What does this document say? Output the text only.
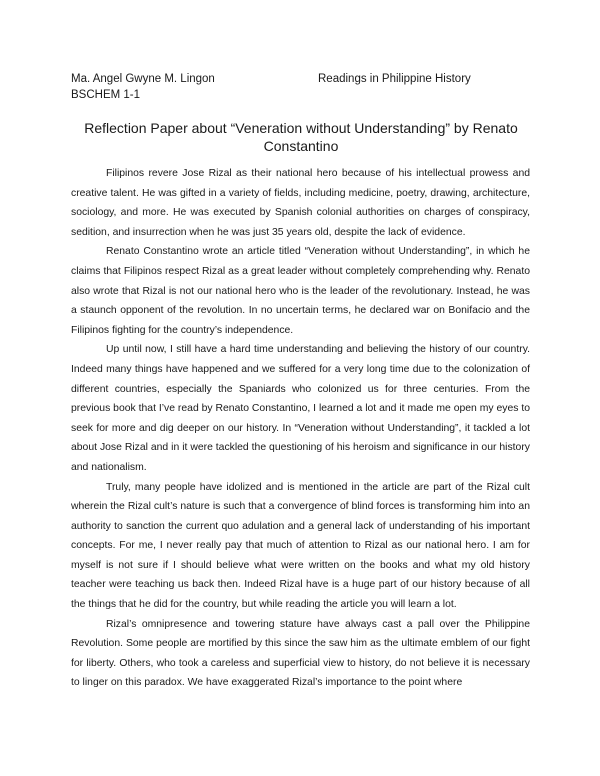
Ma. Angel Gwyne M. Lingon	Readings in Philippine History
BSCHEM 1-1
Reflection Paper about “Veneration without Understanding” by Renato Constantino

Filipinos revere Jose Rizal as their national hero because of his intellectual prowess and creative talent. He was gifted in a variety of fields, including medicine, poetry, drawing, architecture, sociology, and more. He was executed by Spanish colonial authorities on charges of conspiracy, sedition, and insurrection when he was just 35 years old, despite the lack of evidence.

Renato Constantino wrote an article titled “Veneration without Understanding”, in which he claims that Filipinos respect Rizal as a great leader without completely comprehending why. Renato also wrote that Rizal is not our national hero who is the leader of the revolutionary. Instead, he was a staunch opponent of the revolution. In no uncertain terms, he declared war on Bonifacio and the Filipinos fighting for the country’s independence.

Up until now, I still have a hard time understanding and believing the history of our country. Indeed many things have happened and we suffered for a very long time due to the colonization of different countries, especially the Spaniards who colonized us for three centuries. From the previous book that I’ve read by Renato Constantino, I learned a lot and it made me open my eyes to seek for more and dig deeper on our history. In “Veneration without Understanding”, it tackled a lot about Jose Rizal and in it were tackled the questioning of his heroism and significance in our history and nationalism.

Truly, many people have idolized and is mentioned in the article are part of the Rizal cult wherein the Rizal cult’s nature is such that a convergence of blind forces is transforming him into an authority to sanction the current quo adulation and a general lack of understanding of his important concepts. For me, I never really pay that much of attention to Rizal as our national hero. I am for myself is not sure if I should believe what were written on the books and what my old history teacher were teaching us back then. Indeed Rizal have is a huge part of our history because of all the things that he did for the country, but while reading the article you will learn a lot.

Rizal’s omnipresence and towering stature have always cast a pall over the Philippine Revolution. Some people are mortified by this since the saw him as the ultimate emblem of our fight for liberty. Others, who took a careless and superficial view to history, do not believe it is necessary to linger on this paradox. We have exaggerated Rizal’s importance to the point where
